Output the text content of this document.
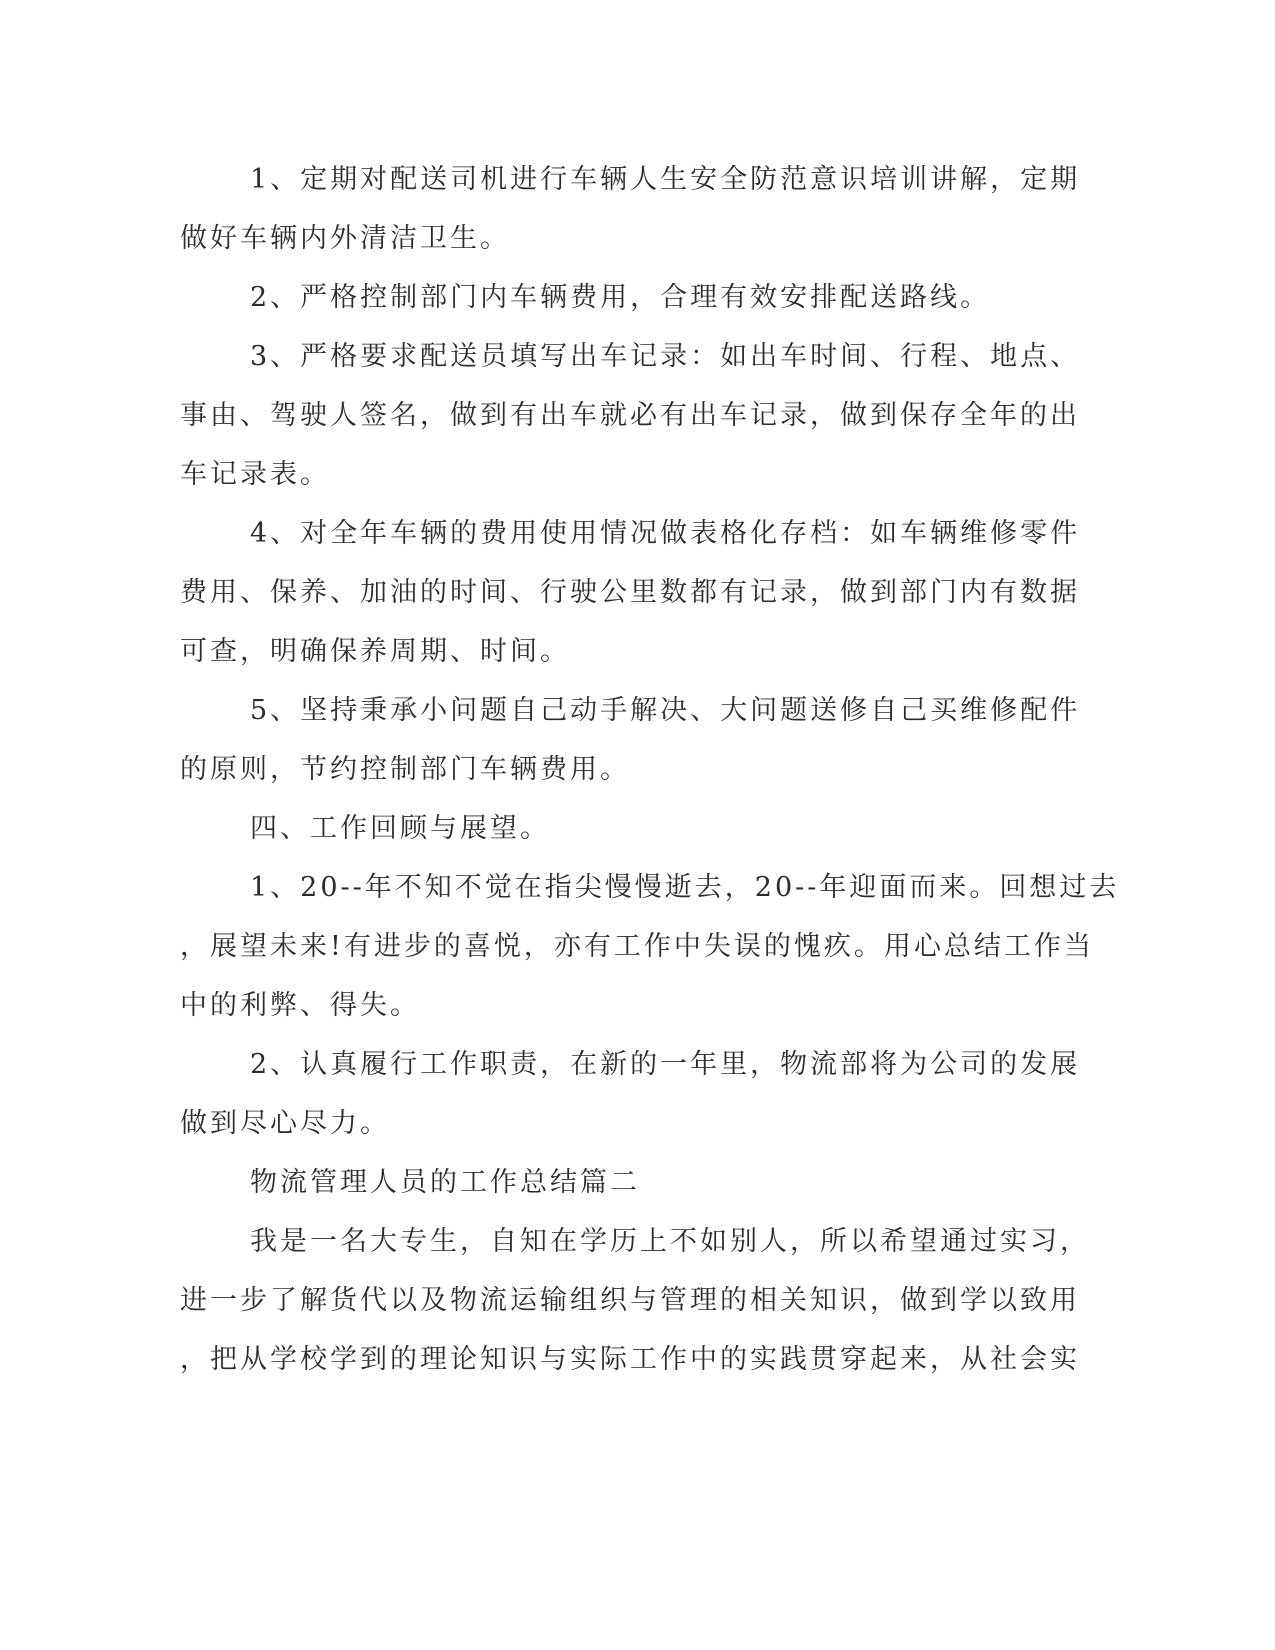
1、定期对配送司机进行车辆人生安全防范意识培训讲解，定期
做好车辆内外清洁卫生。
2、严格控制部门内车辆费用，合理有效安排配送路线。
3、严格要求配送员填写出车记录：如出车时间、行程、地点、
事由、驾驶人签名，做到有出车就必有出车记录，做到保存全年的出
车记录表。
4、对全年车辆的费用使用情况做表格化存档：如车辆维修零件
费用、保养、加油的时间、行驶公里数都有记录，做到部门内有数据
可查，明确保养周期、时间。
5、坚持秉承小问题自己动手解决、大问题送修自己买维修配件
的原则，节约控制部门车辆费用。
四、工作回顾与展望。
1、20--年不知不觉在指尖慢慢逝去，20--年迎面而来。回想过去
，展望未来!有进步的喜悦，亦有工作中失误的愧疚。用心总结工作当
中的利弊、得失。
2、认真履行工作职责，在新的一年里，物流部将为公司的发展
做到尽心尽力。
物流管理人员的工作总结篇二
我是一名大专生，自知在学历上不如别人，所以希望通过实习，
进一步了解货代以及物流运输组织与管理的相关知识，做到学以致用
，把从学校学到的理论知识与实际工作中的实践贯穿起来，从社会实
